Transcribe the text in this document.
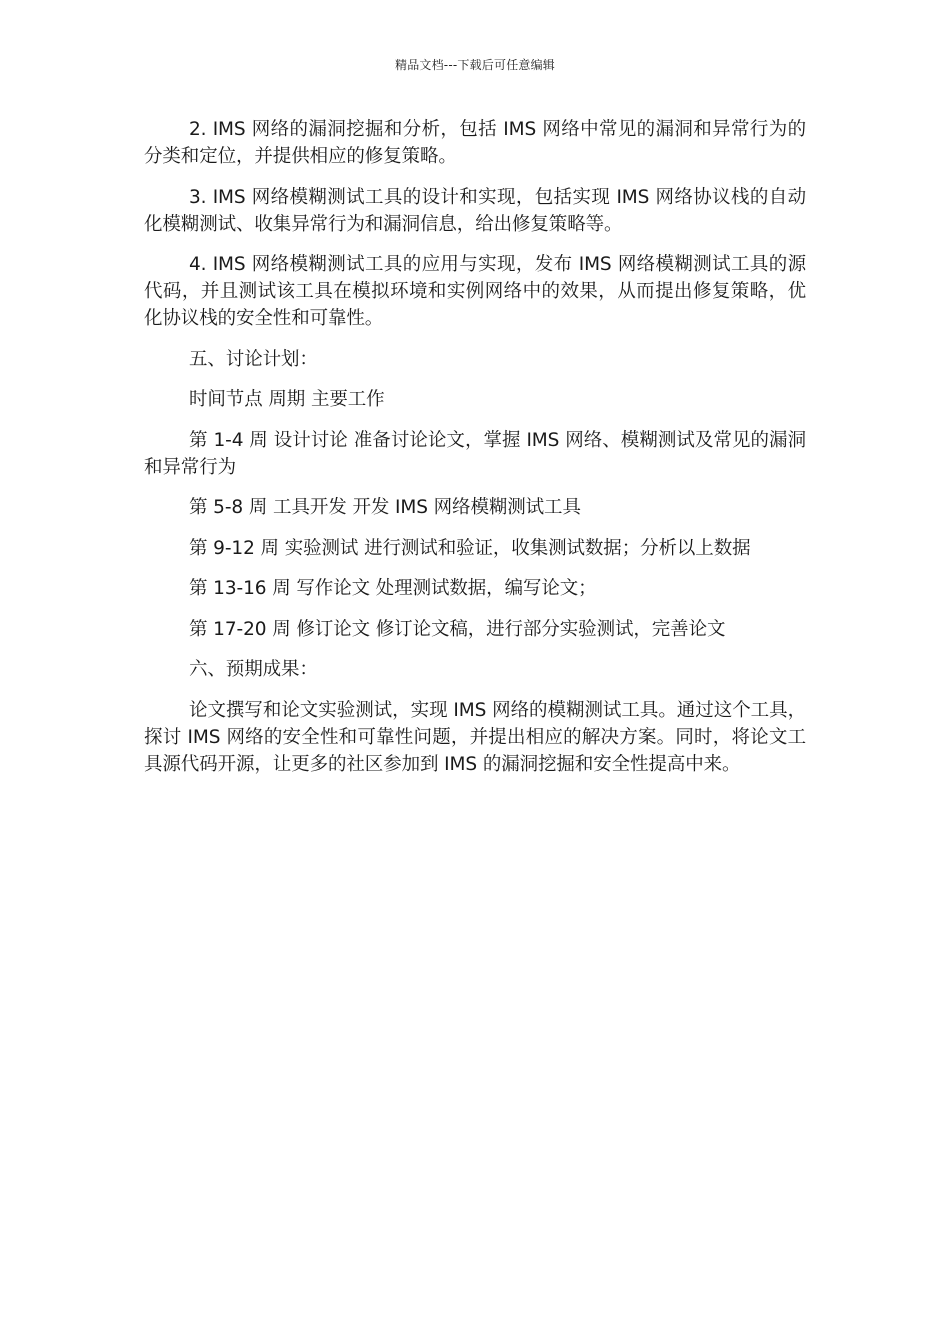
精品文档---下载后可任意编辑

2. IMS 网络的漏洞挖掘和分析，包括 IMS 网络中常见的漏洞和异常行为的分类和定位，并提供相应的修复策略。

3. IMS 网络模糊测试工具的设计和实现，包括实现 IMS 网络协议栈的自动化模糊测试、收集异常行为和漏洞信息，给出修复策略等。

4. IMS 网络模糊测试工具的应用与实现，发布 IMS 网络模糊测试工具的源代码，并且测试该工具在模拟环境和实例网络中的效果，从而提出修复策略，优化协议栈的安全性和可靠性。

五、讨论计划：

时间节点 周期 主要工作

第 1-4 周 设计讨论 准备讨论论文，掌握 IMS 网络、模糊测试及常见的漏洞和异常行为

第 5-8 周 工具开发 开发 IMS 网络模糊测试工具

第 9-12 周 实验测试 进行测试和验证，收集测试数据；分析以上数据

第 13-16 周 写作论文 处理测试数据，编写论文；

第 17-20 周 修订论文 修订论文稿，进行部分实验测试，完善论文

六、预期成果：

论文撰写和论文实验测试，实现 IMS 网络的模糊测试工具。通过这个工具，探讨 IMS 网络的安全性和可靠性问题，并提出相应的解决方案。同时，将论文工具源代码开源，让更多的社区参加到 IMS 的漏洞挖掘和安全性提高中来。
